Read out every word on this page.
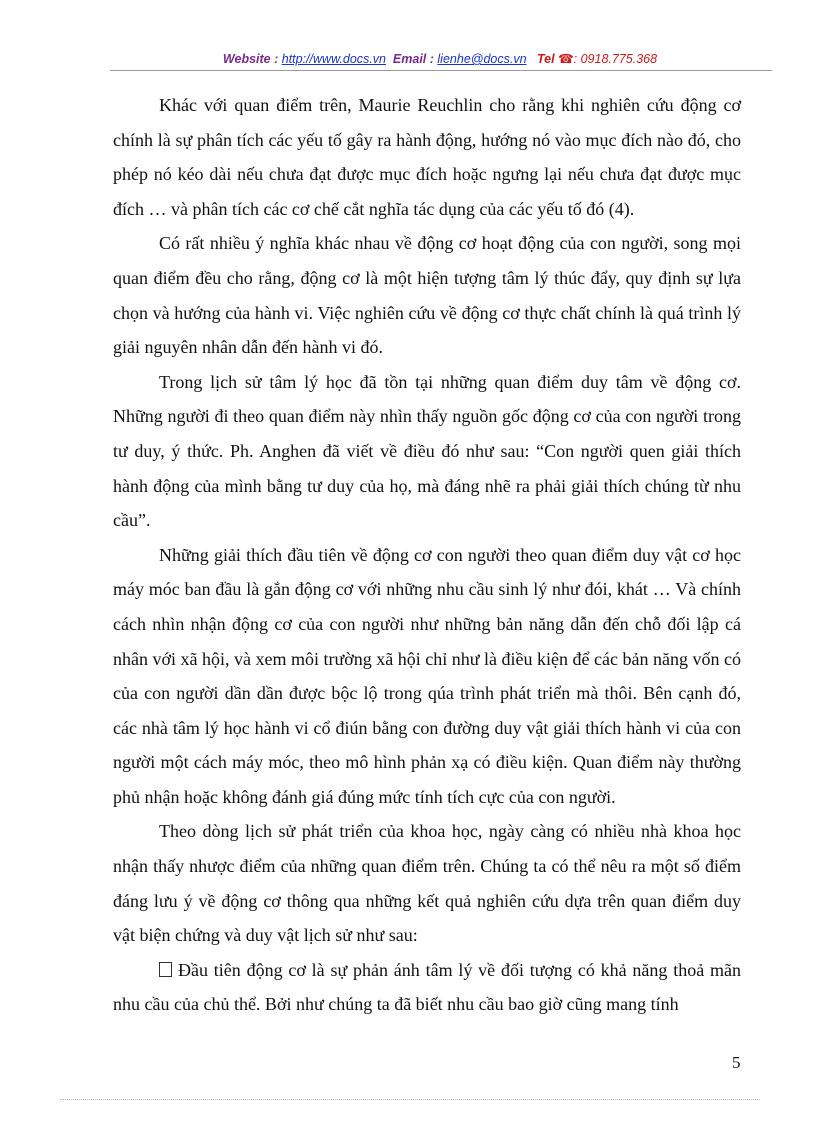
Website : http://www.docs.vn Email : lienhe@docs.vn Tel ☎: 0918.775.368

Khác với quan điểm trên, Maurie Reuchlin cho rằng khi nghiên cứu động cơ chính là sự phân tích các yếu tố gây ra hành động, hướng nó vào mục đích nào đó, cho phép nó kéo dài nếu chưa đạt được mục đích hoặc ngưng lại nếu chưa đạt được mục đích … và phân tích các cơ chế cắt nghĩa tác dụng của các yếu tố đó (4).

Có rất nhiều ý nghĩa khác nhau về động cơ hoạt động của con người, song mọi quan điểm đều cho rằng, động cơ là một hiện tượng tâm lý thúc đẩy, quy định sự lựa chọn và hướng của hành vi. Việc nghiên cứu về động cơ thực chất chính là quá trình lý giải nguyên nhân dẫn đến hành vi đó.

Trong lịch sử tâm lý học đã tồn tại những quan điểm duy tâm về động cơ. Những người đi theo quan điểm này nhìn thấy nguồn gốc động cơ của con người trong tư duy, ý thức. Ph. Anghen đã viết về điều đó như sau: “Con người quen giải thích hành động của mình bằng tư duy của họ, mà đáng nhẽ ra phải giải thích chúng từ nhu cầu”.

Những giải thích đầu tiên về động cơ con người theo quan điểm duy vật cơ học máy móc ban đầu là gắn động cơ với những nhu cầu sinh lý như đói, khát … Và chính cách nhìn nhận động cơ của con người như những bản năng dẫn đến chỗ đối lập cá nhân với xã hội, và xem môi trường xã hội chỉ như là điều kiện để các bản năng vốn có của con người dần dần được bộc lộ trong qúa trình phát triển mà thôi. Bên cạnh đó, các nhà tâm lý học hành vi cổ điún bằng con đường duy vật giải thích hành vi của con người một cách máy móc, theo mô hình phản xạ có điều kiện. Quan điểm này thường phủ nhận hoặc không đánh giá đúng mức tính tích cực của con người.

Theo dòng lịch sử phát triển của khoa học, ngày càng có nhiều nhà khoa học nhận thấy nhược điểm của những quan điểm trên. Chúng ta có thể nêu ra một số điểm đáng lưu ý về động cơ thông qua những kết quả nghiên cứu dựa trên quan điểm duy vật biện chứng và duy vật lịch sử như sau:

Đầu tiên động cơ là sự phản ánh tâm lý về đối tượng có khả năng thoả mãn nhu cầu của chủ thể. Bởi như chúng ta đã biết nhu cầu bao giờ cũng mang tính

5
